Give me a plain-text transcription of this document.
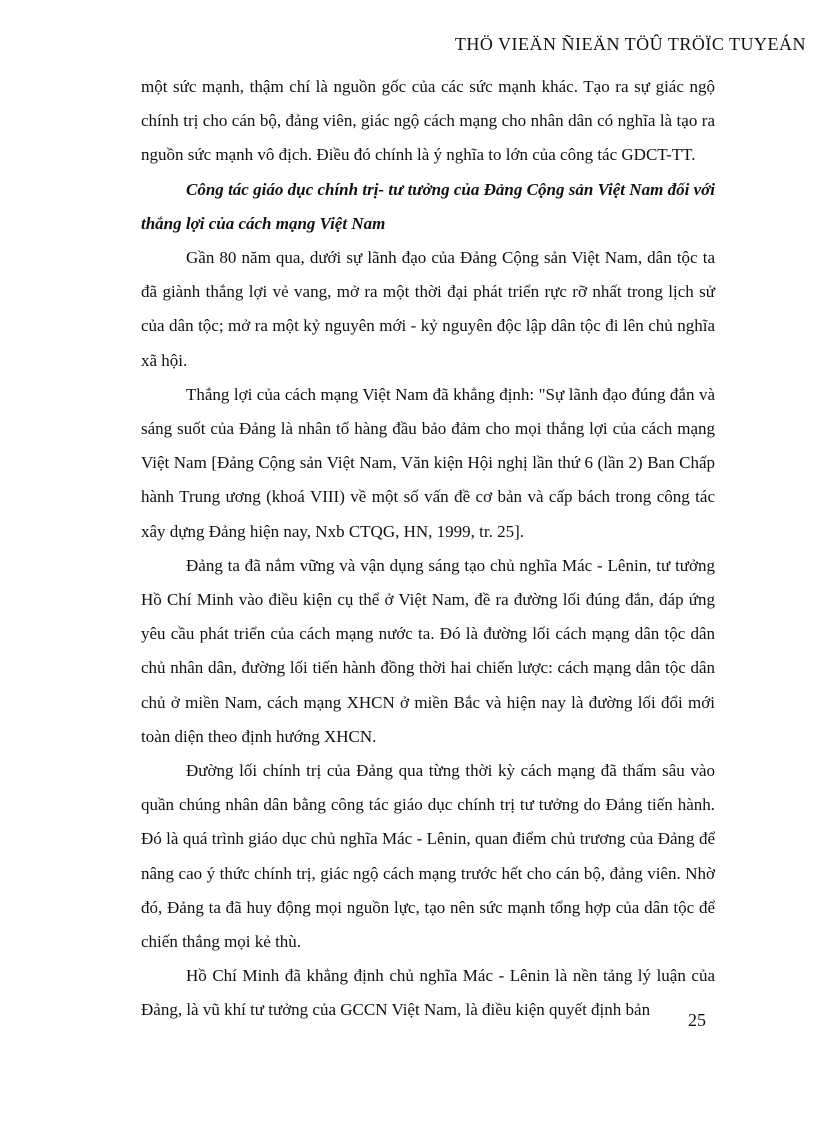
THÖ VIEÄN ÑIEÄN TÖÛ TRÖÏC TUYEÁN

một sức mạnh, thậm chí là nguồn gốc của các sức mạnh khác. Tạo ra sự giác ngộ chính trị cho cán bộ, đảng viên, giác ngộ cách mạng cho nhân dân có nghĩa là tạo ra nguồn sức mạnh vô địch. Điều đó chính là ý nghĩa to lớn của công tác GDCT-TT.

Công tác giáo dục chính trị- tư tưởng của Đảng Cộng sản Việt Nam đối với thắng lợi của cách mạng Việt Nam

Gần 80 năm qua, dưới sự lãnh đạo của Đảng Cộng sản Việt Nam, dân tộc ta đã giành thắng lợi vẻ vang, mở ra một thời đại phát triển rực rỡ nhất trong lịch sử của dân tộc; mở ra một kỷ nguyên mới - kỷ nguyên độc lập dân tộc đi lên chủ nghĩa xã hội.

Thắng lợi của cách mạng Việt Nam đã khẳng định: "Sự lãnh đạo đúng đắn và sáng suốt của Đảng là nhân tố hàng đầu bảo đảm cho mọi thắng lợi của cách mạng Việt Nam [Đảng Cộng sản Việt Nam, Văn kiện Hội nghị lần thứ 6 (lần 2) Ban Chấp hành Trung ương (khoá VIII) về một số vấn đề cơ bản và cấp bách trong công tác xây dựng Đảng hiện nay, Nxb CTQG, HN, 1999, tr. 25].

Đảng ta đã nắm vững và vận dụng sáng tạo chủ nghĩa Mác - Lênin, tư tưởng Hồ Chí Minh vào điều kiện cụ thể ở Việt Nam, đề ra đường lối đúng đắn, đáp ứng yêu cầu phát triển của cách mạng nước ta. Đó là đường lối cách mạng dân tộc dân chủ nhân dân, đường lối tiến hành đồng thời hai chiến lược: cách mạng dân tộc dân chủ ở miền Nam, cách mạng XHCN ở miền Bắc và hiện nay là đường lối đổi mới toàn diện theo định hướng XHCN.

Đường lối chính trị của Đảng qua từng thời kỳ cách mạng đã thấm sâu vào quần chúng nhân dân bằng công tác giáo dục chính trị tư tưởng do Đảng tiến hành. Đó là quá trình giáo dục chủ nghĩa Mác - Lênin, quan điểm chủ trương của Đảng để nâng cao ý thức chính trị, giác ngộ cách mạng trước hết cho cán bộ, đảng viên. Nhờ đó, Đảng ta đã huy động mọi nguồn lực, tạo nên sức mạnh tổng hợp của dân tộc để chiến thắng mọi kẻ thù.

Hồ Chí Minh đã khẳng định chủ nghĩa Mác - Lênin là nền tảng lý luận của Đảng, là vũ khí tư tưởng của GCCN Việt Nam, là điều kiện quyết định bản

25
